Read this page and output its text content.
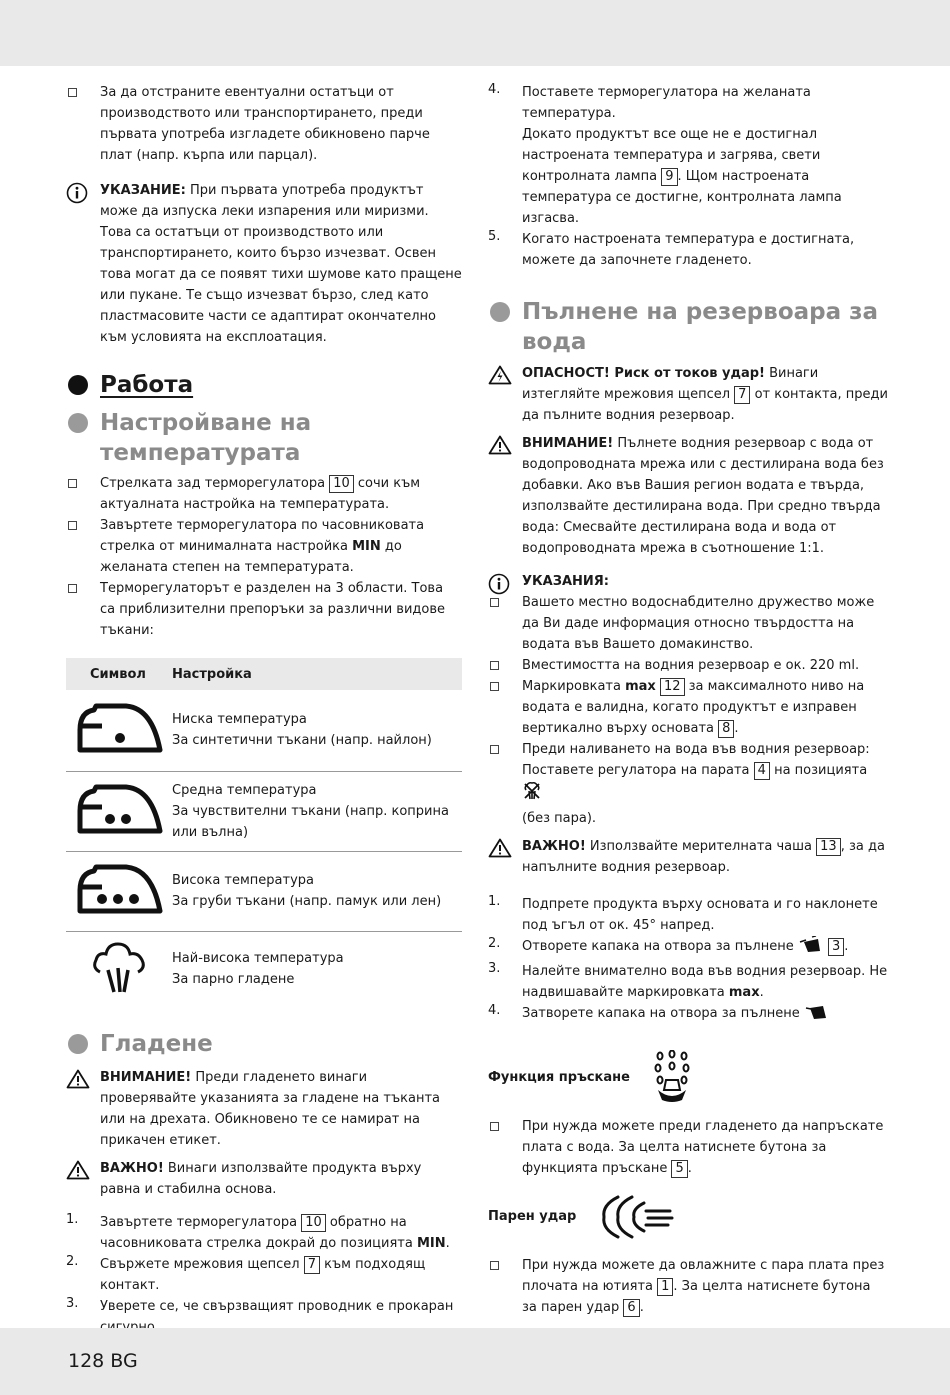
За да отстраните евентуални остатъци от производството или транспортирането, преди първата употреба изгладете обикновено парче плат (напр. кърпа или парцал).

УКАЗАНИЕ: При първата употреба продуктът може да изпуска леки изпарения или миризми. Това са остатъци от производството или транспортирането, които бързо изчезват. Освен това могат да се появят тихи шумове като пращене или пукане. Те също изчезват бързо, след като пластмасовите части се адаптират окончателно към условията на експлоатация.

Работа
Настройване на
температурата

Стрелката зад терморегулатора 10 сочи към актуалната настройка на температурата.

Завъртете терморегулатора по часовниковата стрелка от минималната настройка MIN до желаната степен на температурата.

Терморегулаторът е разделен на 3 области. Това са приблизителни препоръки за различни видове тъкани:

Символ	Настройка

Ниска температура

За синтетични тъкани (напр. найлон)

Средна температура

За чувствителни тъкани (напр. коприна или вълна)

Висока температура

За груби тъкани (напр. памук или лен)

Най-висока температура

За парно гладене

Гладене

ВНИМАНИЕ! Преди гладенето винаги проверявайте указанията за гладене на тъканта или на дрехата. Обикновено те се намират на прикачен етикет.

ВАЖНО! Винаги използвайте продукта върху равна и стабилна основа.

1. Завъртете терморегулатора 10 обратно на часовниковата стрелка докрай до позицията MIN.

2. Свържете мрежовия щепсел 7 към подходящ контакт.

3. Уверете се, че свързващият проводник е прокаран

4. Поставете терморегулатора на желаната температура.

Докато продуктът все още не е достигнал настроената температура и загрява, свети контролната лампа 9 . Щом настроената температура се достигне, контролната лампа изгасва.

5. Когато настроената температура е достигната, можете да започнете гладенето.

Пълнене на резервоара за
вода

ОПАСНОСТ! Риск от токов удар! Винаги изтегляйте мрежовия щепсел 7 от контакта, преди да пълните водния резервоар.

ВНИМАНИЕ! Пълнете водния резервоар с вода от водопроводната мрежа или с дестилирана вода без добавки. Ако във Вашия регион водата е твърда, използвайте дестилирана вода. При средно твърда вода: Смесвайте дестилирана вода и вода от водопроводната мрежа в съотношение 1:1.

УКАЗАНИЯ:

Вашето местно водоснабдително дружество може да Ви даде информация относно твърдостта на водата във Вашето домакинство.

Вместимостта на водния резервоар е ок. 220 ml.

Маркировката max 12 за максималното ниво на водата е валидна, когато продуктът е изправен вертикално върху основата 8 .

Преди наливането на вода във водния резервоар: Поставете регулатора на парата 4 на позицията
(без пара).

ВАЖНО! Използвайте мерителната чаша 13 , за да напълните водния резервоар.

1. Подпрете продукта върху основата и го наклонете под ъгъл от ок. 45° напред.

2. Отворете капака на отвора за пълнене	3 .

3. Налейте внимателно вода във водния резервоар. Не надвишавайте маркировката max.

4. Затворете капака на отвора за пълнене

Функция пръскане

При нужда можете преди гладенето да напръскате плата с вода. За целта натиснете бутона за функцията пръскане 5 .

Парен удар

При нужда можете да овлажните с пара плата през плочата на ютията 1 . За целта натиснете бутона за парен удар 6 .

128 BG
